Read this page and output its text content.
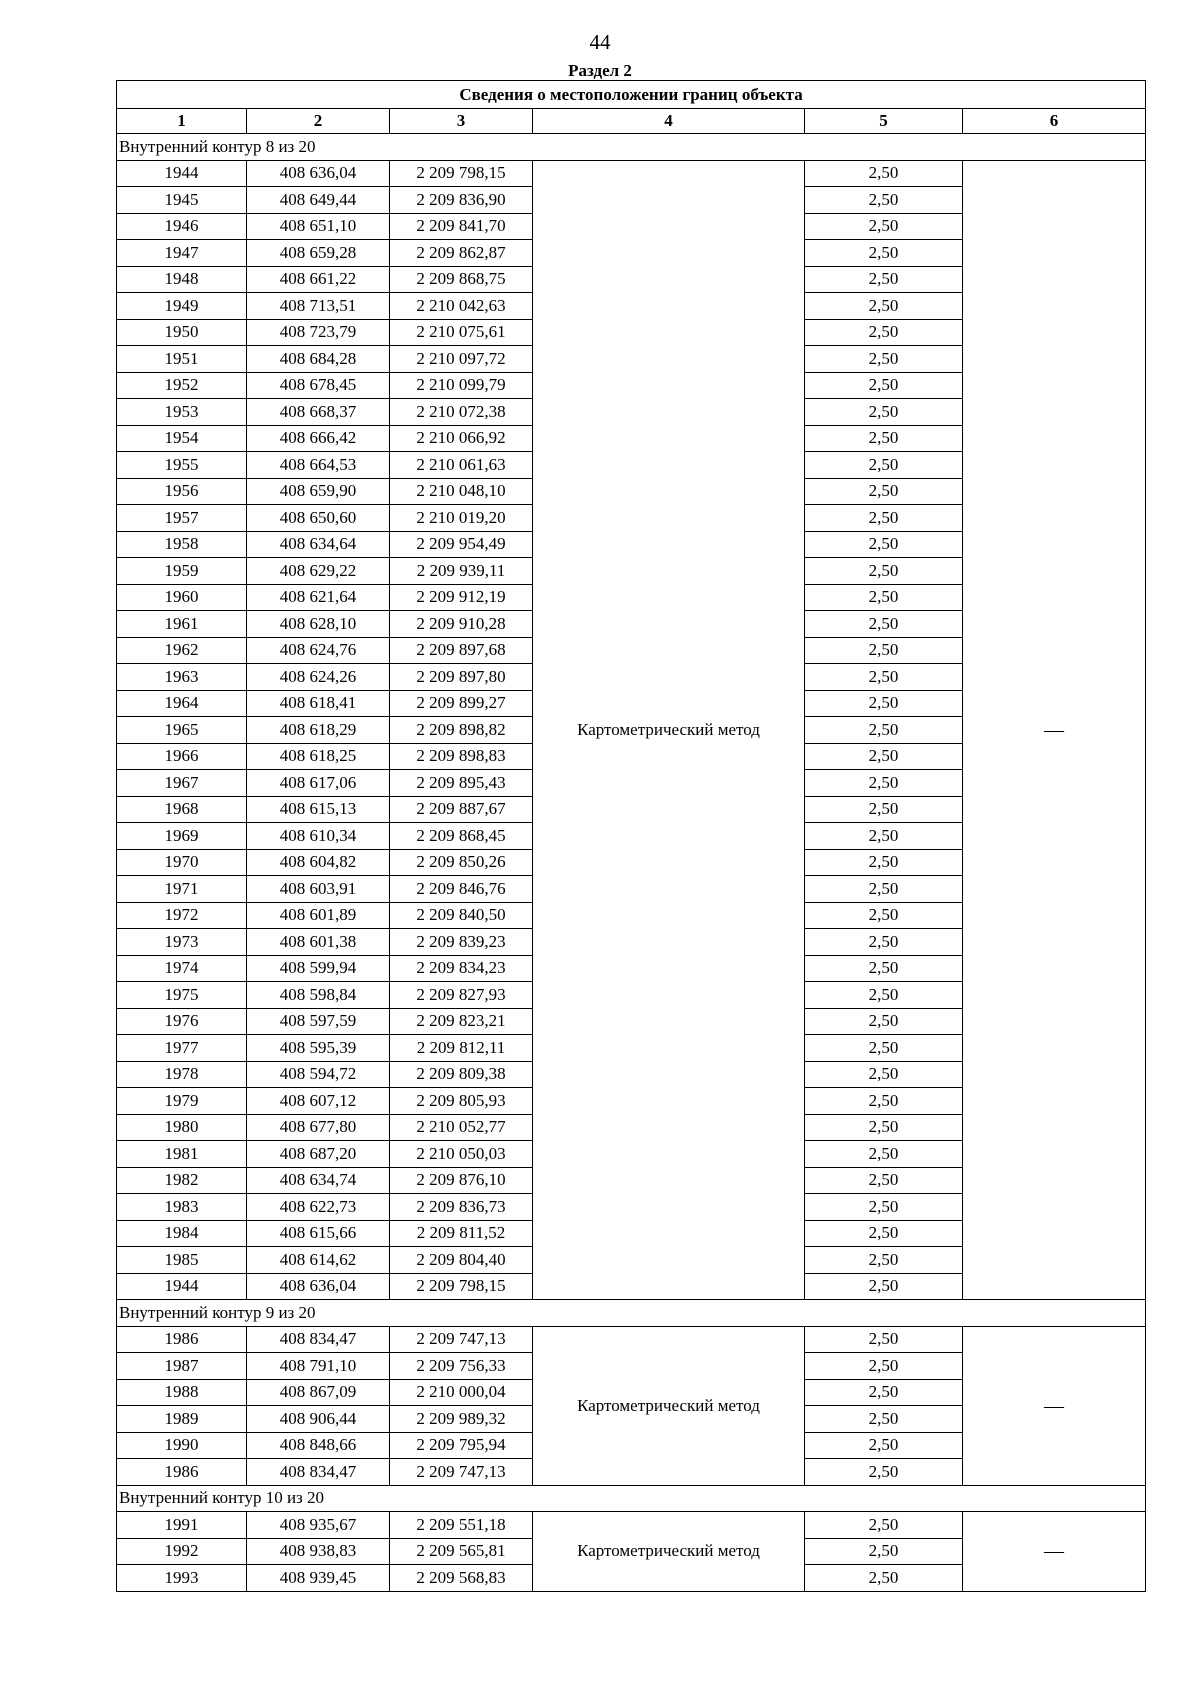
44
Раздел 2
Сведения о местоположении границ объекта					
1	2	3	4	5	6
Внутренний контур 8 из 20					
1944	408 636,04	2 209 798,15	Картометрический метод	2,50	—
1945	408 649,44	2 209 836,90		2,50	
1946	408 651,10	2 209 841,70		2,50	
1947	408 659,28	2 209 862,87		2,50	
1948	408 661,22	2 209 868,75		2,50	
1949	408 713,51	2 210 042,63		2,50	
1950	408 723,79	2 210 075,61		2,50	
1951	408 684,28	2 210 097,72		2,50	
1952	408 678,45	2 210 099,79		2,50	
1953	408 668,37	2 210 072,38		2,50	
1954	408 666,42	2 210 066,92		2,50	
1955	408 664,53	2 210 061,63		2,50	
1956	408 659,90	2 210 048,10		2,50	
1957	408 650,60	2 210 019,20		2,50	
1958	408 634,64	2 209 954,49		2,50	
1959	408 629,22	2 209 939,11		2,50	
1960	408 621,64	2 209 912,19		2,50	
1961	408 628,10	2 209 910,28		2,50	
1962	408 624,76	2 209 897,68		2,50	
1963	408 624,26	2 209 897,80		2,50	
1964	408 618,41	2 209 899,27		2,50	
1965	408 618,29	2 209 898,82		2,50	
1966	408 618,25	2 209 898,83		2,50	
1967	408 617,06	2 209 895,43		2,50	
1968	408 615,13	2 209 887,67		2,50	
1969	408 610,34	2 209 868,45		2,50	
1970	408 604,82	2 209 850,26		2,50	
1971	408 603,91	2 209 846,76		2,50	
1972	408 601,89	2 209 840,50		2,50	
1973	408 601,38	2 209 839,23		2,50	
1974	408 599,94	2 209 834,23		2,50	
1975	408 598,84	2 209 827,93		2,50	
1976	408 597,59	2 209 823,21		2,50	
1977	408 595,39	2 209 812,11		2,50	
1978	408 594,72	2 209 809,38		2,50	
1979	408 607,12	2 209 805,93		2,50	
1980	408 677,80	2 210 052,77		2,50	
1981	408 687,20	2 210 050,03		2,50	
1982	408 634,74	2 209 876,10		2,50	
1983	408 622,73	2 209 836,73		2,50	
1984	408 615,66	2 209 811,52		2,50	
1985	408 614,62	2 209 804,40		2,50	
1944	408 636,04	2 209 798,15		2,50	
Внутренний контур 9 из 20					
1986	408 834,47	2 209 747,13	Картометрический метод	2,50	—
1987	408 791,10	2 209 756,33		2,50	
1988	408 867,09	2 210 000,04		2,50	
1989	408 906,44	2 209 989,32		2,50	
1990	408 848,66	2 209 795,94		2,50	
1986	408 834,47	2 209 747,13		2,50	
Внутренний контур 10 из 20					
1991	408 935,67	2 209 551,18	Картометрический метод	2,50	—
1992	408 938,83	2 209 565,81		2,50	
1993	408 939,45	2 209 568,83		2,50	
